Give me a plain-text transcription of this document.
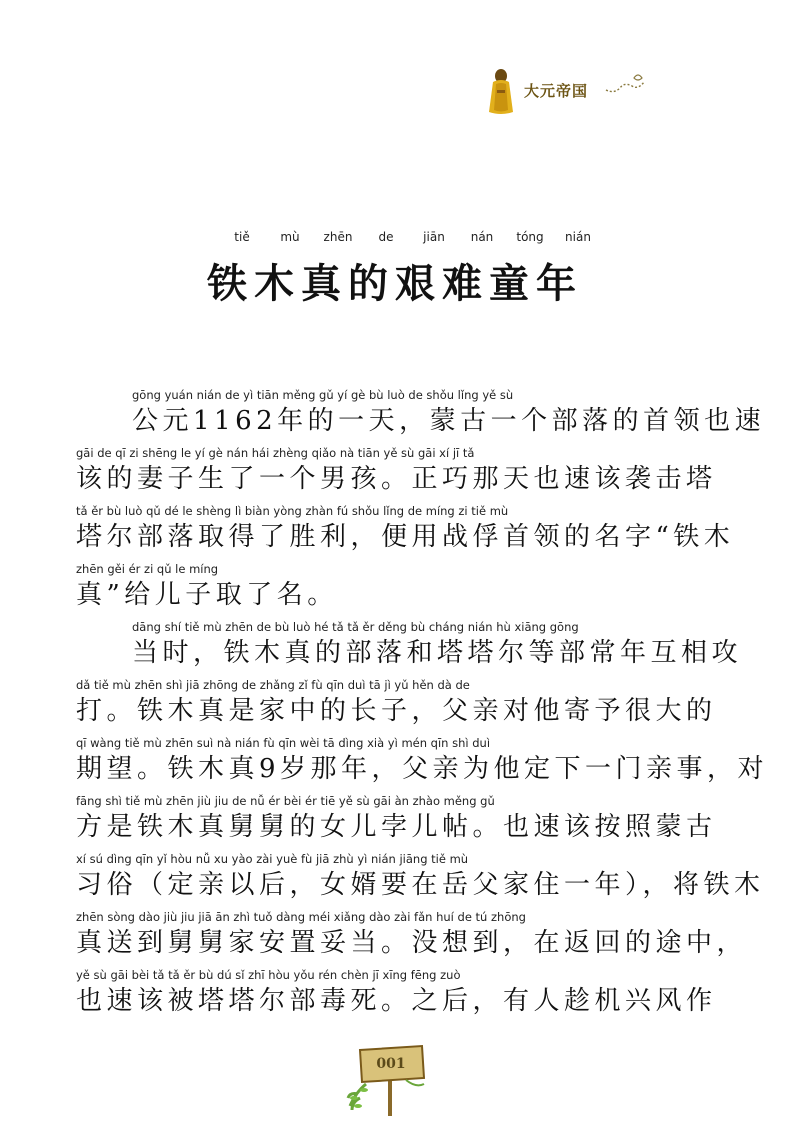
大元帝国
tiě	mù zhēn de jiān nán tóng nián
铁木真的艰难童年
gōng yuán nián de yì tiān měng gǔ yí gè bù luò de shǒu lǐng yě sù
公元1162年的一天，蒙古一个部落的首领也速
gāi de qī zi shēng le yí gè nán hái zhèng qiǎo nà tiān yě sù gāi xí jī tǎ
该的妻子生了一个男孩。正巧那天也速该袭击塔
tǎ ěr bù luò qǔ dé le shèng lì biàn yòng zhàn fú shǒu lǐng de míng zi tiě mù
塔尔部落取得了胜利，便用战俘首领的名字“铁木
zhēn gěi ér zi qǔ le míng
真”给儿子取了名。
dāng shí tiě mù zhēn de bù luò hé tǎ tǎ ěr děng bù cháng nián hù xiāng gōng
当时，铁木真的部落和塔塔尔等部常年互相攻
dǎ tiě mù zhēn shì jiā zhōng de zhǎng zǐ fù qīn duì tā jì yǔ hěn dà de
打。铁木真是家中的长子，父亲对他寄予很大的
qī wàng tiě mù zhēn suì nà nián fù qīn wèi tā dìng xià yì mén qīn shì duì
期望。铁木真9岁那年，父亲为他定下一门亲事，对
fāng shì tiě mù zhēn jiù jiu de nǚ ér bèi ér tiē yě sù gāi àn zhào měng gǔ
方是铁木真舅舅的女儿孛儿帖。也速该按照蒙古
xí sú dìng qīn yǐ hòu nǚ xu yào zài yuè fù jiā zhù yì nián jiāng tiě mù
习俗（定亲以后，女婿要在岳父家住一年），将铁木
zhēn sòng dào jiù jiu jiā ān zhì tuǒ dàng méi xiǎng dào zài fǎn huí de tú zhōng
真送到舅舅家安置妥当。没想到，在返回的途中，
yě sù gāi bèi tǎ tǎ ěr bù dú sǐ zhī hòu yǒu rén chèn jī xīng fēng zuò
也速该被塔塔尔部毒死。之后，有人趁机兴风作
001
